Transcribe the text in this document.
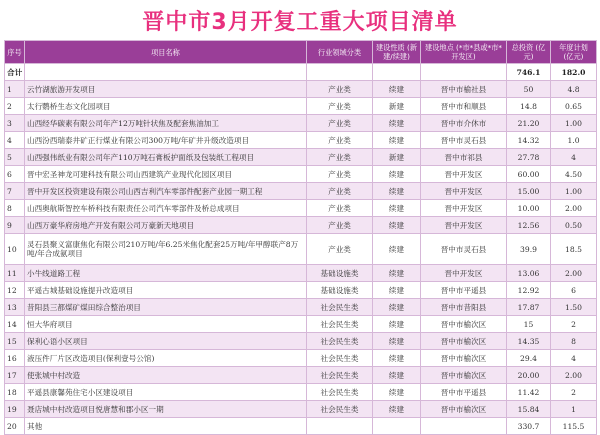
晋中市3月开复工重大项目清单
序号	项目名称	行业领域分类	建设性质 (新建/续建)	建设地点 (*市*县或*市*开发区)	总投资 (亿元)	年度计划 (亿元)
合计					746.1	182.0
1	云竹湖旅游开发项目	产业类	续建	晋中市榆社县	50	4.8
2	太行鹦桥生态文化园项目	产业类	新建	晋中市和顺县	14.8	0.65
3	山西经华碳素有限公司年产12万吨针状焦及配套焦油加工	产业类	续建	晋中市介休市	21.20	1.00
4	山西汾西瑞泰井矿正行煤业有限公司300万吨/年矿井升级改造项目	产业类	续建	晋中市灵石县	14.32	1.0
5	山西强伟纸业有限公司年产110万吨石膏板护面纸及包装纸工程项目	产业类	新建	晋中市祁县	27.78	4
6	晋中宏圣神龙可建科技有限公司山西建筑产业现代化园区项目	产业类	续建	晋中开发区	60.00	4.50
7	晋中开发区投资建设有限公司山西吉利汽车零部件配套产业园一期工程	产业类	续建	晋中开发区	15.00	1.00
8	山西奥航斯智控车桥科技有限责任公司汽车零部件及桥总成项目	产业类	续建	晋中开发区	10.00	2.00
9	山西万豪华府房地产开发有限公司万豪新天地项目	产业类	续建	晋中开发区	12.56	0.50
10	灵石县聚义富康焦化有限公司210万吨/年6.25米焦化配套25万吨/年甲醇联产8万吨/年合成氨项目	产业类	续建	晋中市灵石县	39.9	18.5
11	小牛线道路工程	基础设施类	续建	晋中开发区	13.06	2.00
12	平遥古城基础设施提升改造项目	基础设施类	续建	晋中市平遥县	12.92	6
13	昔阳县三都煤矿煤田综合整治项目	社会民生类	续建	晋中市昔阳县	17.87	1.50
14	恒大华府项目	社会民生类	续建	晋中市榆次区	15	2
15	保利心语小区项目	社会民生类	续建	晋中市榆次区	14.35	8
16	液压件厂片区改造项目(保利壹号公馆)	社会民生类	续建	晋中市榆次区	29.4	4
17	使张城中村改造	社会民生类	续建	晋中市榆次区	20.00	2.00
18	平遥县康馨苑住宅小区建设项目	社会民生类	续建	晋中市平遥县	11.42	2
19	聂店城中村改造项目悦唐慧和郡小区一期	社会民生类	续建	晋中市榆次区	15.84	1
20	其他				330.7	115.5
